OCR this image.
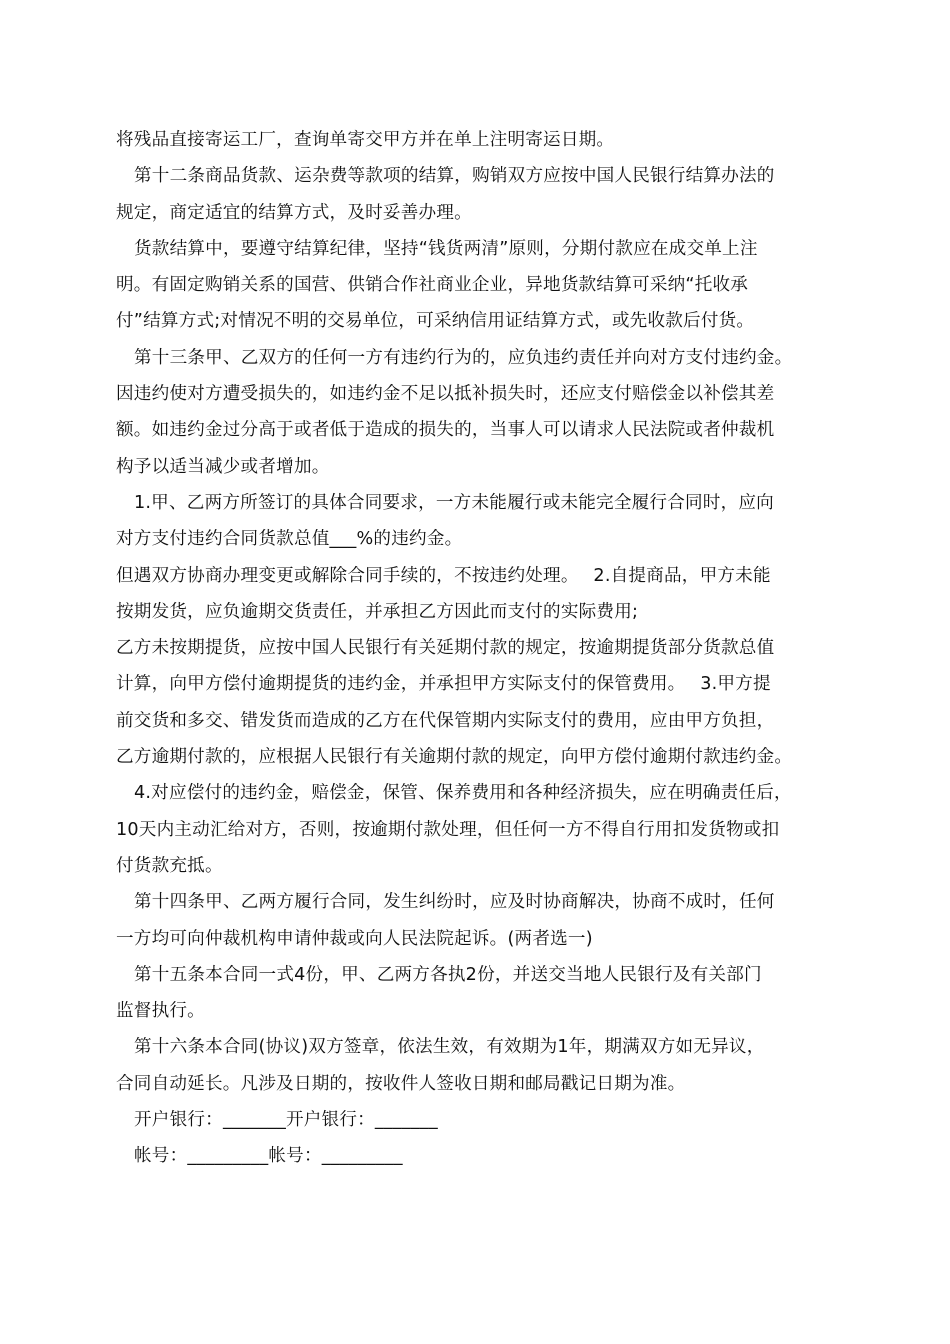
将残品直接寄运工厂，查询单寄交甲方并在单上注明寄运日期。
第十二条商品货款、运杂费等款项的结算，购销双方应按中国人民银行结算办法的
规定，商定适宜的结算方式，及时妥善办理。
货款结算中，要遵守结算纪律，坚持“钱货两清”原则，分期付款应在成交单上注
明。有固定购销关系的国营、供销合作社商业企业，异地货款结算可采纳“托收承
付”结算方式;对情况不明的交易单位，可采纳信用证结算方式，或先收款后付货。
第十三条甲、乙双方的任何一方有违约行为的，应负违约责任并向对方支付违约金。
因违约使对方遭受损失的，如违约金不足以抵补损失时，还应支付赔偿金以补偿其差
额。如违约金过分高于或者低于造成的损失的，当事人可以请求人民法院或者仲裁机
构予以适当减少或者增加。
1.甲、乙两方所签订的具体合同要求，一方未能履行或未能完全履行合同时，应向
对方支付违约合同货款总值___%的违约金。
但遇双方协商办理变更或解除合同手续的，不按违约处理。　 2.自提商品，甲方未能
按期发货，应负逾期交货责任，并承担乙方因此而支付的实际费用;
乙方未按期提货，应按中国人民银行有关延期付款的规定，按逾期提货部分货款总值
计算，向甲方偿付逾期提货的违约金，并承担甲方实际支付的保管费用。　 3.甲方提
前交货和多交、错发货而造成的乙方在代保管期内实际支付的费用，应由甲方负担，
乙方逾期付款的，应根据人民银行有关逾期付款的规定，向甲方偿付逾期付款违约金。
4.对应偿付的违约金，赔偿金，保管、保养费用和各种经济损失，应在明确责任后，
10天内主动汇给对方，否则，按逾期付款处理，但任何一方不得自行用扣发货物或扣
付货款充抵。
第十四条甲、乙两方履行合同，发生纠纷时，应及时协商解决，协商不成时，任何
一方均可向仲裁机构申请仲裁或向人民法院起诉。(两者选一)
第十五条本合同一式4份，甲、乙两方各执2份，并送交当地人民银行及有关部门
监督执行。
第十六条本合同(协议)双方签章，依法生效，有效期为1年，期满双方如无异议，
合同自动延长。凡涉及日期的，按收件人签收日期和邮局戳记日期为准。
开户银行：_______开户银行：_______
帐号：_________帐号：_________
